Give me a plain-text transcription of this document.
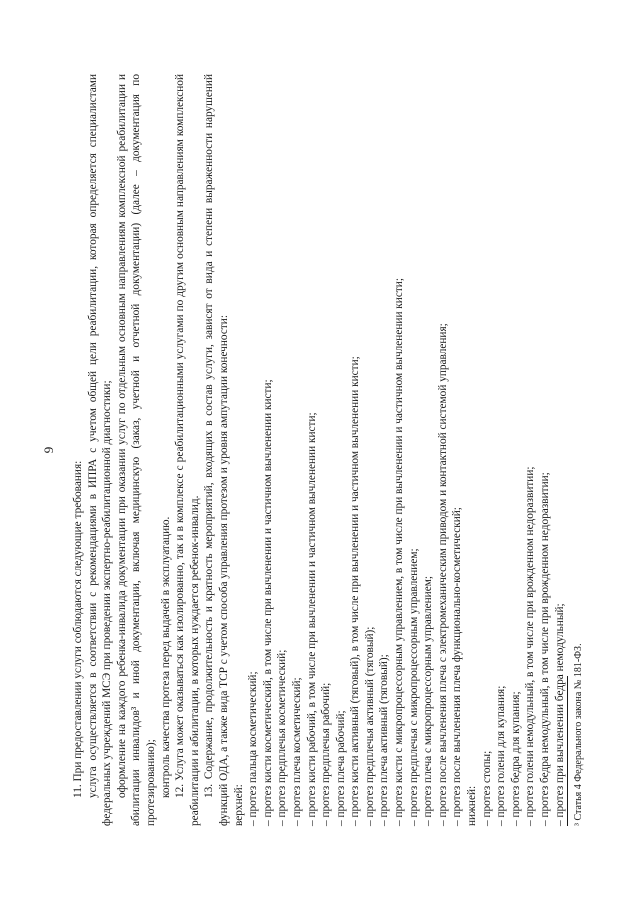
9

11. При предоставлении услуги соблюдаются следующие требования: услуга осуществляется в соответствии с рекомендациями в ИПРА с учетом общей цели реабилитации, которая определяется специалистами федеральных учреждений МСЭ при проведении экспертно-реабилитационной диагностики; оформление на каждого ребенка-инвалида документации при оказании услуг по отдельным основным направлениям комплексной реабилитации и абилитации инвалидов³ и иной документации, включая медицинскую (заказ, учетной и отчетной документации) (далее – документация по протезированию); контроль качества протеза перед выдачей в эксплуатацию. 12. Услуга может оказываться как изолированно, так и в комплексе с реабилитационными услугами по другим основным направлениям комплексной реабилитации и абилитации, в которых нуждается ребенок-инвалид. 13. Содержание, продолжительность и кратность мероприятий, входящих в состав услуги, зависят от вида и степени выраженности нарушений функций ОДА, а также вида ТСР с учетом способа управления протезом и уровня ампутации конечности: верхней: – протез пальца косметический; – протез кисти косметический, в том числе при вычленении и частичном вычленении кисти; – протез предплечья косметический; – протез плеча косметический; – протез кисти рабочий, в том числе при вычленении и частичном вычленении кисти; – протез предплечья рабочий; – протез плеча рабочий; – протез кисти активный (тяговый), в том числе при вычленении и частичном вычленении кисти; – протез предплечья активный (тяговый); – протез плеча активный (тяговый); – протез кисти с микропроцессорным управлением, в том числе при вычленении и частичном вычленении кисти; – протез предплечья с микропроцессорным управлением; – протез плеча с микропроцессорным управлением; – протез после вычленения плеча с электромеханическим приводом и контактной системой управления; – протез после вычленения плеча функционально-косметический; нижней: – протез стопы; – протез голени для купания; – протез бедра для купания; – протез голени немодульный, в том числе при врожденном недоразвитии; – протез бедра немодульный, в том числе при врожденном недоразвитии; – протез при вычленении бедра немодульный; ³ Статья 4 Федерального закона № 181-ФЗ.
